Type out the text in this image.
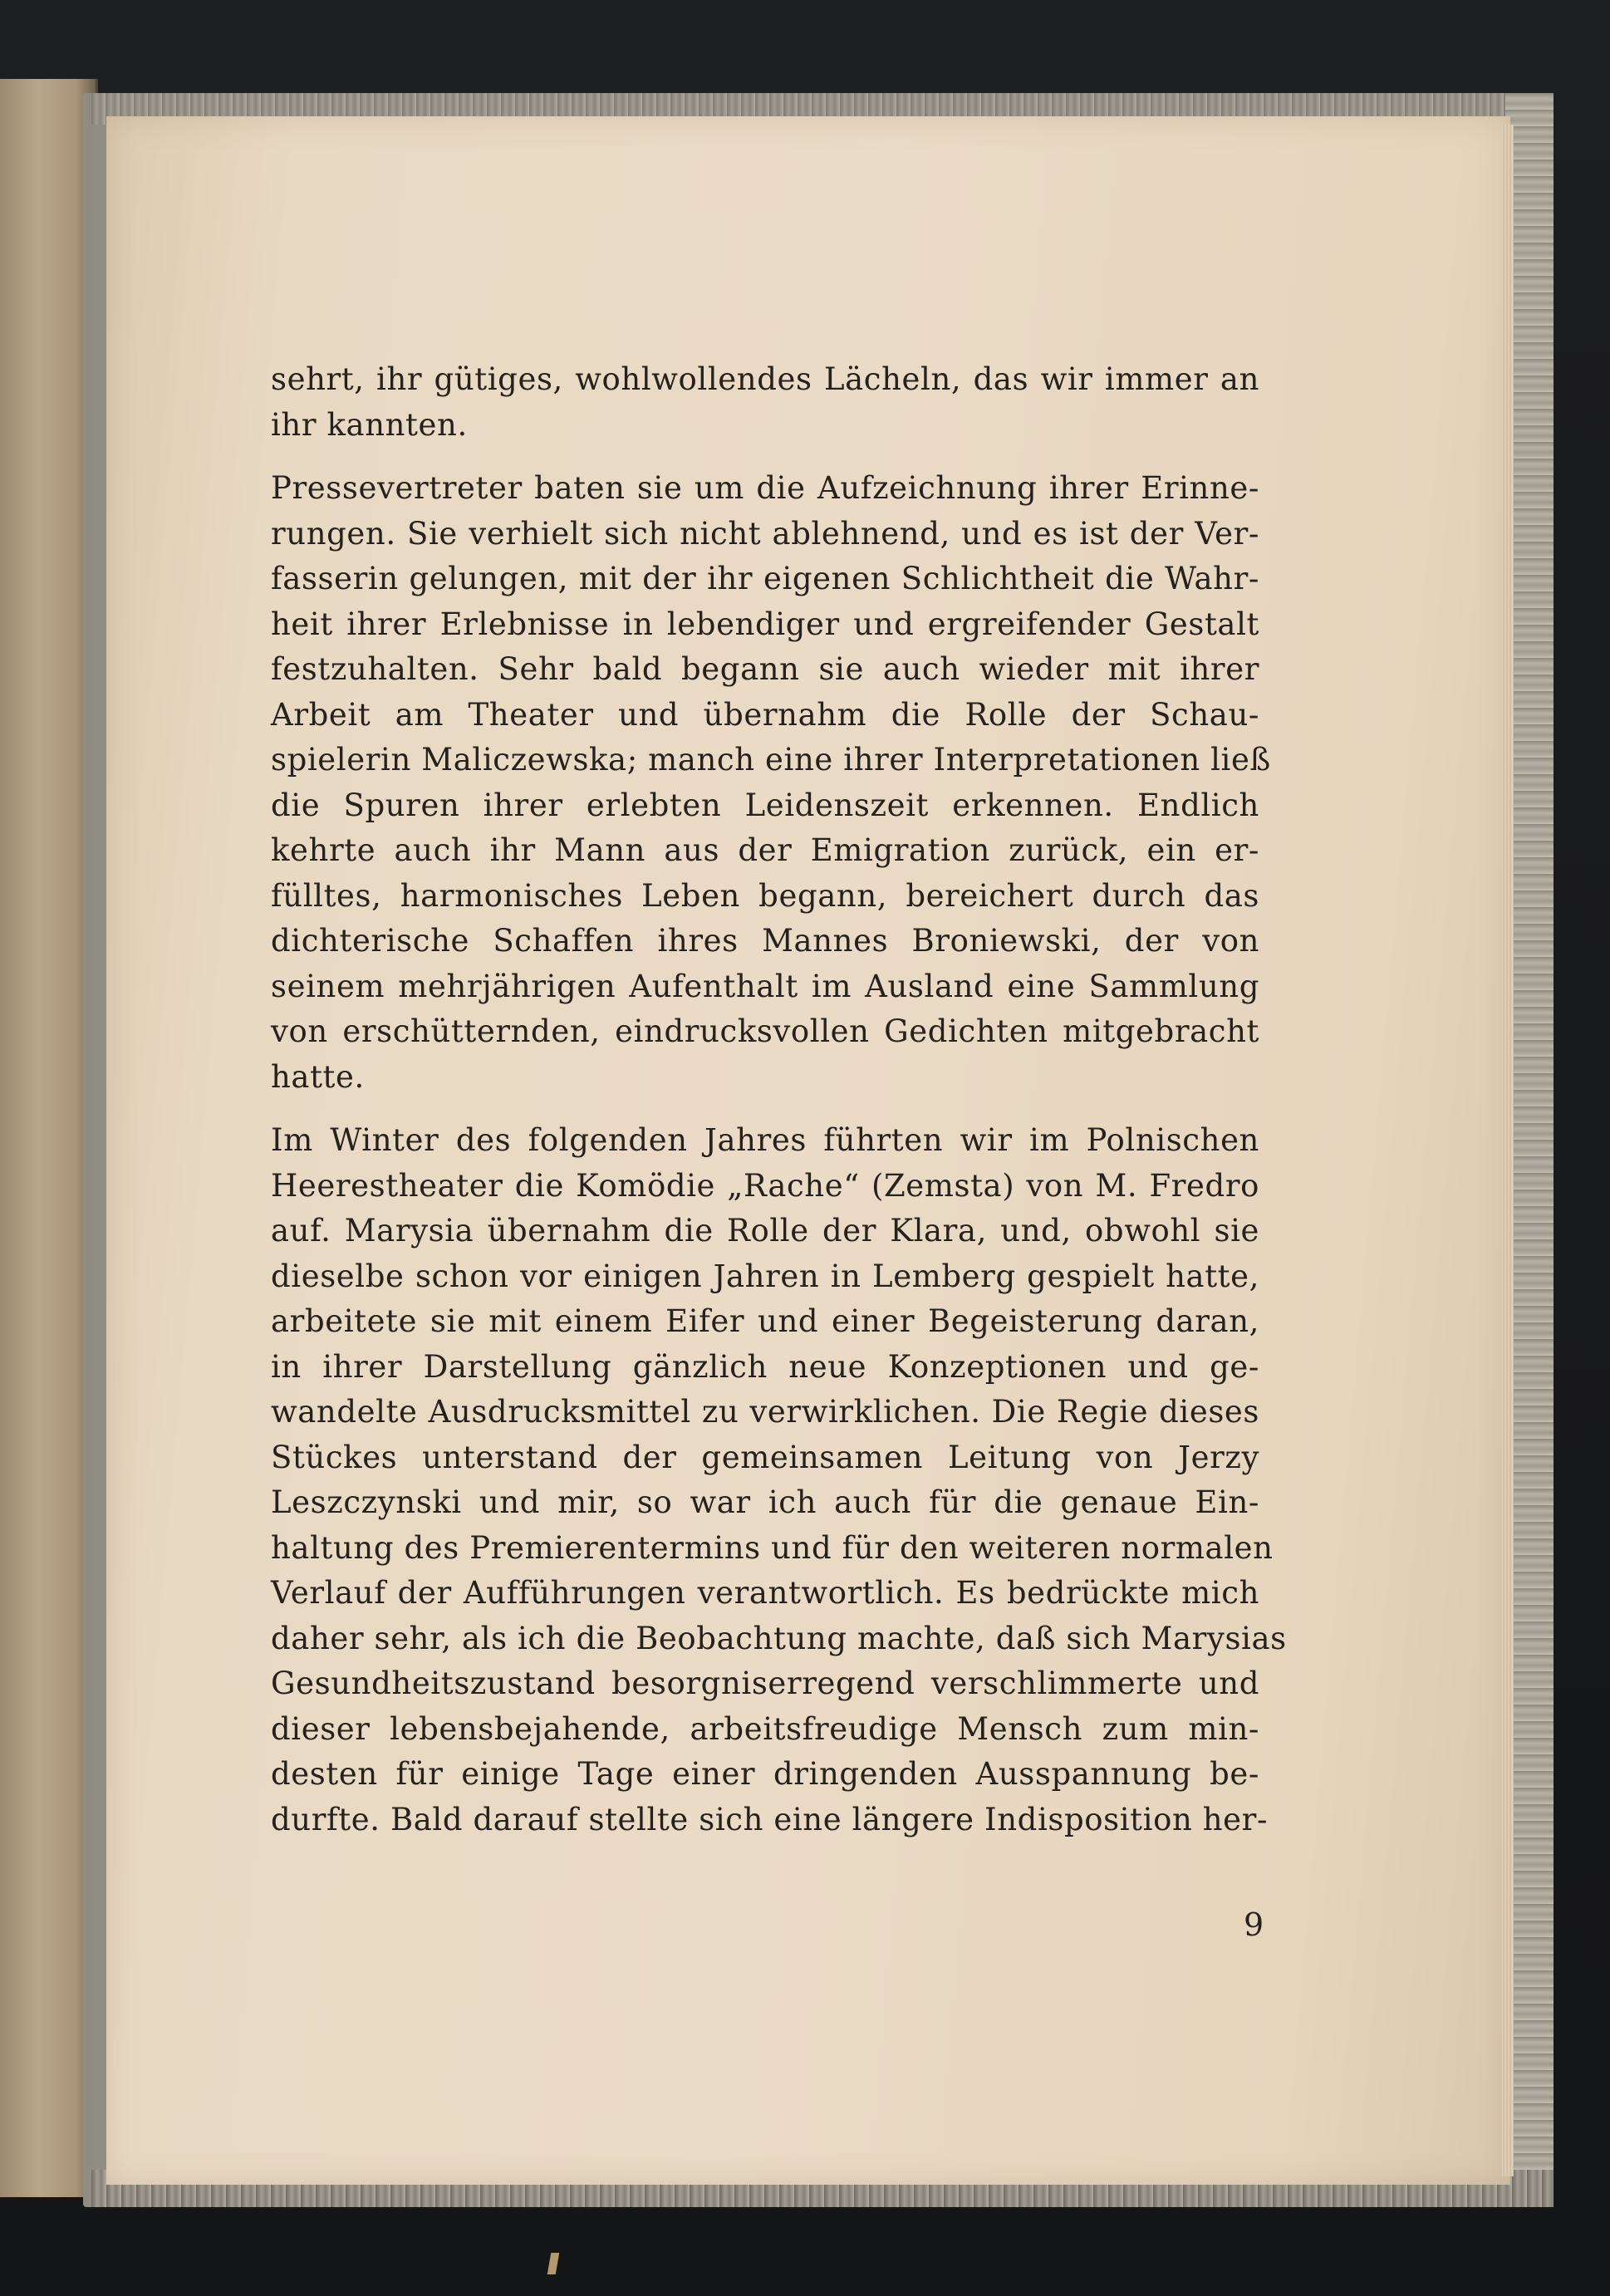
sehrt, ihr gütiges, wohlwollendes Lächeln, das wir immer an
ihr kannten.
Pressevertreter baten sie um die Aufzeichnung ihrer Erinne-
rungen. Sie verhielt sich nicht ablehnend, und es ist der Ver-
fasserin gelungen, mit der ihr eigenen Schlichtheit die Wahr-
heit ihrer Erlebnisse in lebendiger und ergreifender Gestalt
festzuhalten. Sehr bald begann sie auch wieder mit ihrer
Arbeit am Theater und übernahm die Rolle der Schau-
spielerin Maliczewska; manch eine ihrer Interpretationen ließ
die Spuren ihrer erlebten Leidenszeit erkennen. Endlich
kehrte auch ihr Mann aus der Emigration zurück, ein er-
fülltes, harmonisches Leben begann, bereichert durch das
dichterische Schaffen ihres Mannes Broniewski, der von
seinem mehrjährigen Aufenthalt im Ausland eine Sammlung
von erschütternden, eindrucksvollen Gedichten mitgebracht
hatte.
Im Winter des folgenden Jahres führten wir im Polnischen
Heerestheater die Komödie „Rache“ (Zemsta) von M. Fredro
auf. Marysia übernahm die Rolle der Klara, und, obwohl sie
dieselbe schon vor einigen Jahren in Lemberg gespielt hatte,
arbeitete sie mit einem Eifer und einer Begeisterung daran,
in ihrer Darstellung gänzlich neue Konzeptionen und ge-
wandelte Ausdrucksmittel zu verwirklichen. Die Regie dieses
Stückes unterstand der gemeinsamen Leitung von Jerzy
Leszczynski und mir, so war ich auch für die genaue Ein-
haltung des Premierentermins und für den weiteren normalen
Verlauf der Aufführungen verantwortlich. Es bedrückte mich
daher sehr, als ich die Beobachtung machte, daß sich Marysias
Gesundheitszustand besorgniserregend verschlimmerte und
dieser lebensbejahende, arbeitsfreudige Mensch zum min-
desten für einige Tage einer dringenden Ausspannung be-
durfte. Bald darauf stellte sich eine längere Indisposition her-
9
